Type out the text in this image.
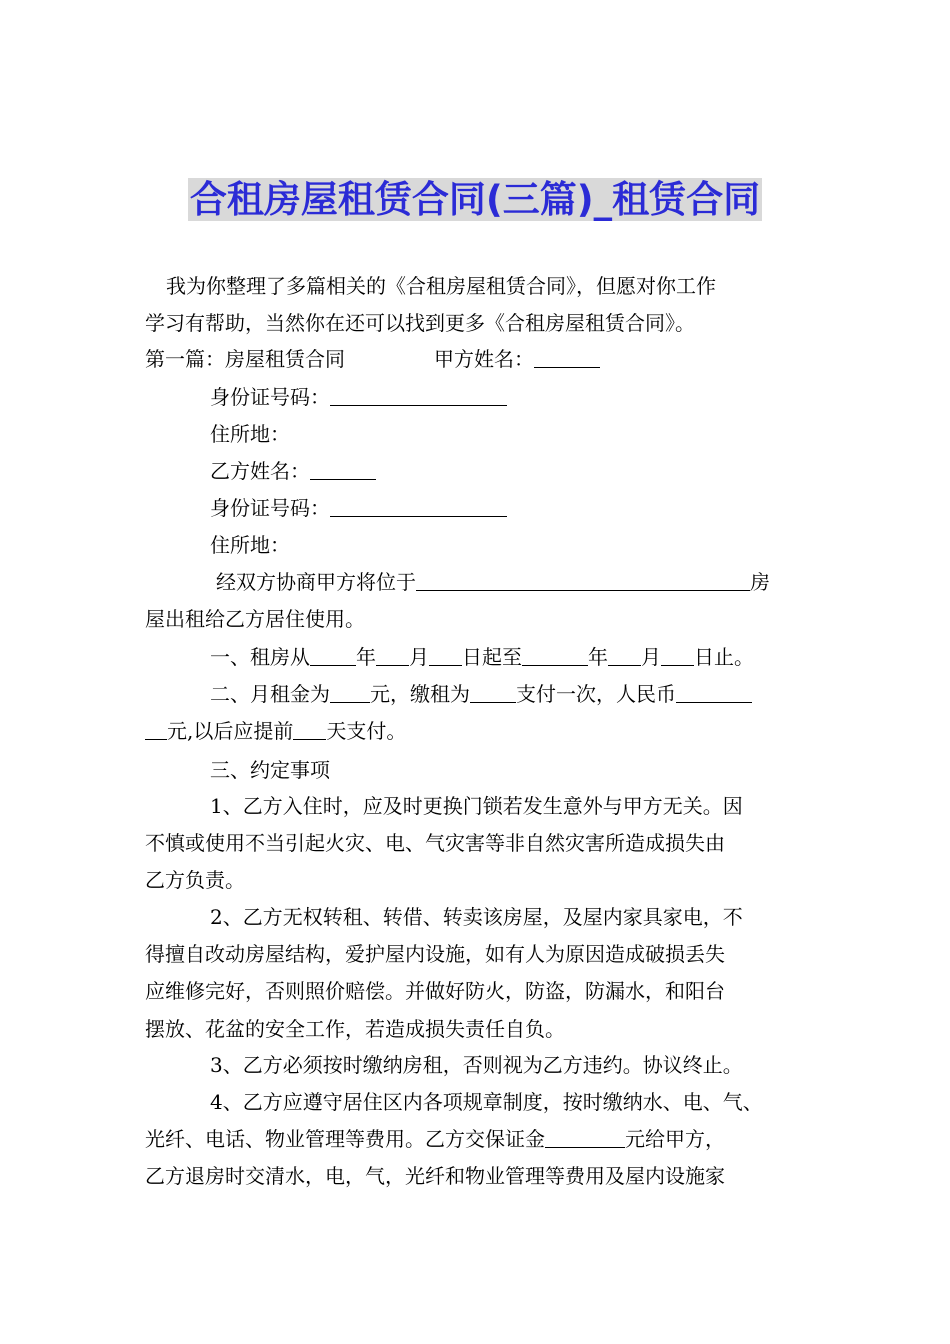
合租房屋租赁合同(三篇)_租赁合同
我为你整理了多篇相关的《合租房屋租赁合同》，但愿对你工作
学习有帮助，当然你在还可以找到更多《合租房屋租赁合同》。
第一篇：房屋租赁合同	甲方姓名：
身份证号码：
住所地：
乙方姓名：
身份证号码：
住所地：
经双方协商甲方将位于	房
屋出租给乙方居住使用。
一、租房从 年 月 日起至	年 月 日止。
二、月租金为 元，缴租为 支付一次，人民币
元,以后应提前 天支付。
三、约定事项
1、乙方入住时，应及时更换门锁若发生意外与甲方无关。因
不慎或使用不当引起火灾、电、气灾害等非自然灾害所造成损失由
乙方负责。
2、乙方无权转租、转借、转卖该房屋，及屋内家具家电，不
得擅自改动房屋结构，爱护屋内设施，如有人为原因造成破损丢失
应维修完好，否则照价赔偿。并做好防火，防盗，防漏水，和阳台
摆放、花盆的安全工作，若造成损失责任自负。
3、乙方必须按时缴纳房租，否则视为乙方违约。协议终止。
4、乙方应遵守居住区内各项规章制度，按时缴纳水、电、气、
光纤、电话、物业管理等费用。乙方交保证金	元给甲方，
乙方退房时交清水，电，气，光纤和物业管理等费用及屋内设施家
